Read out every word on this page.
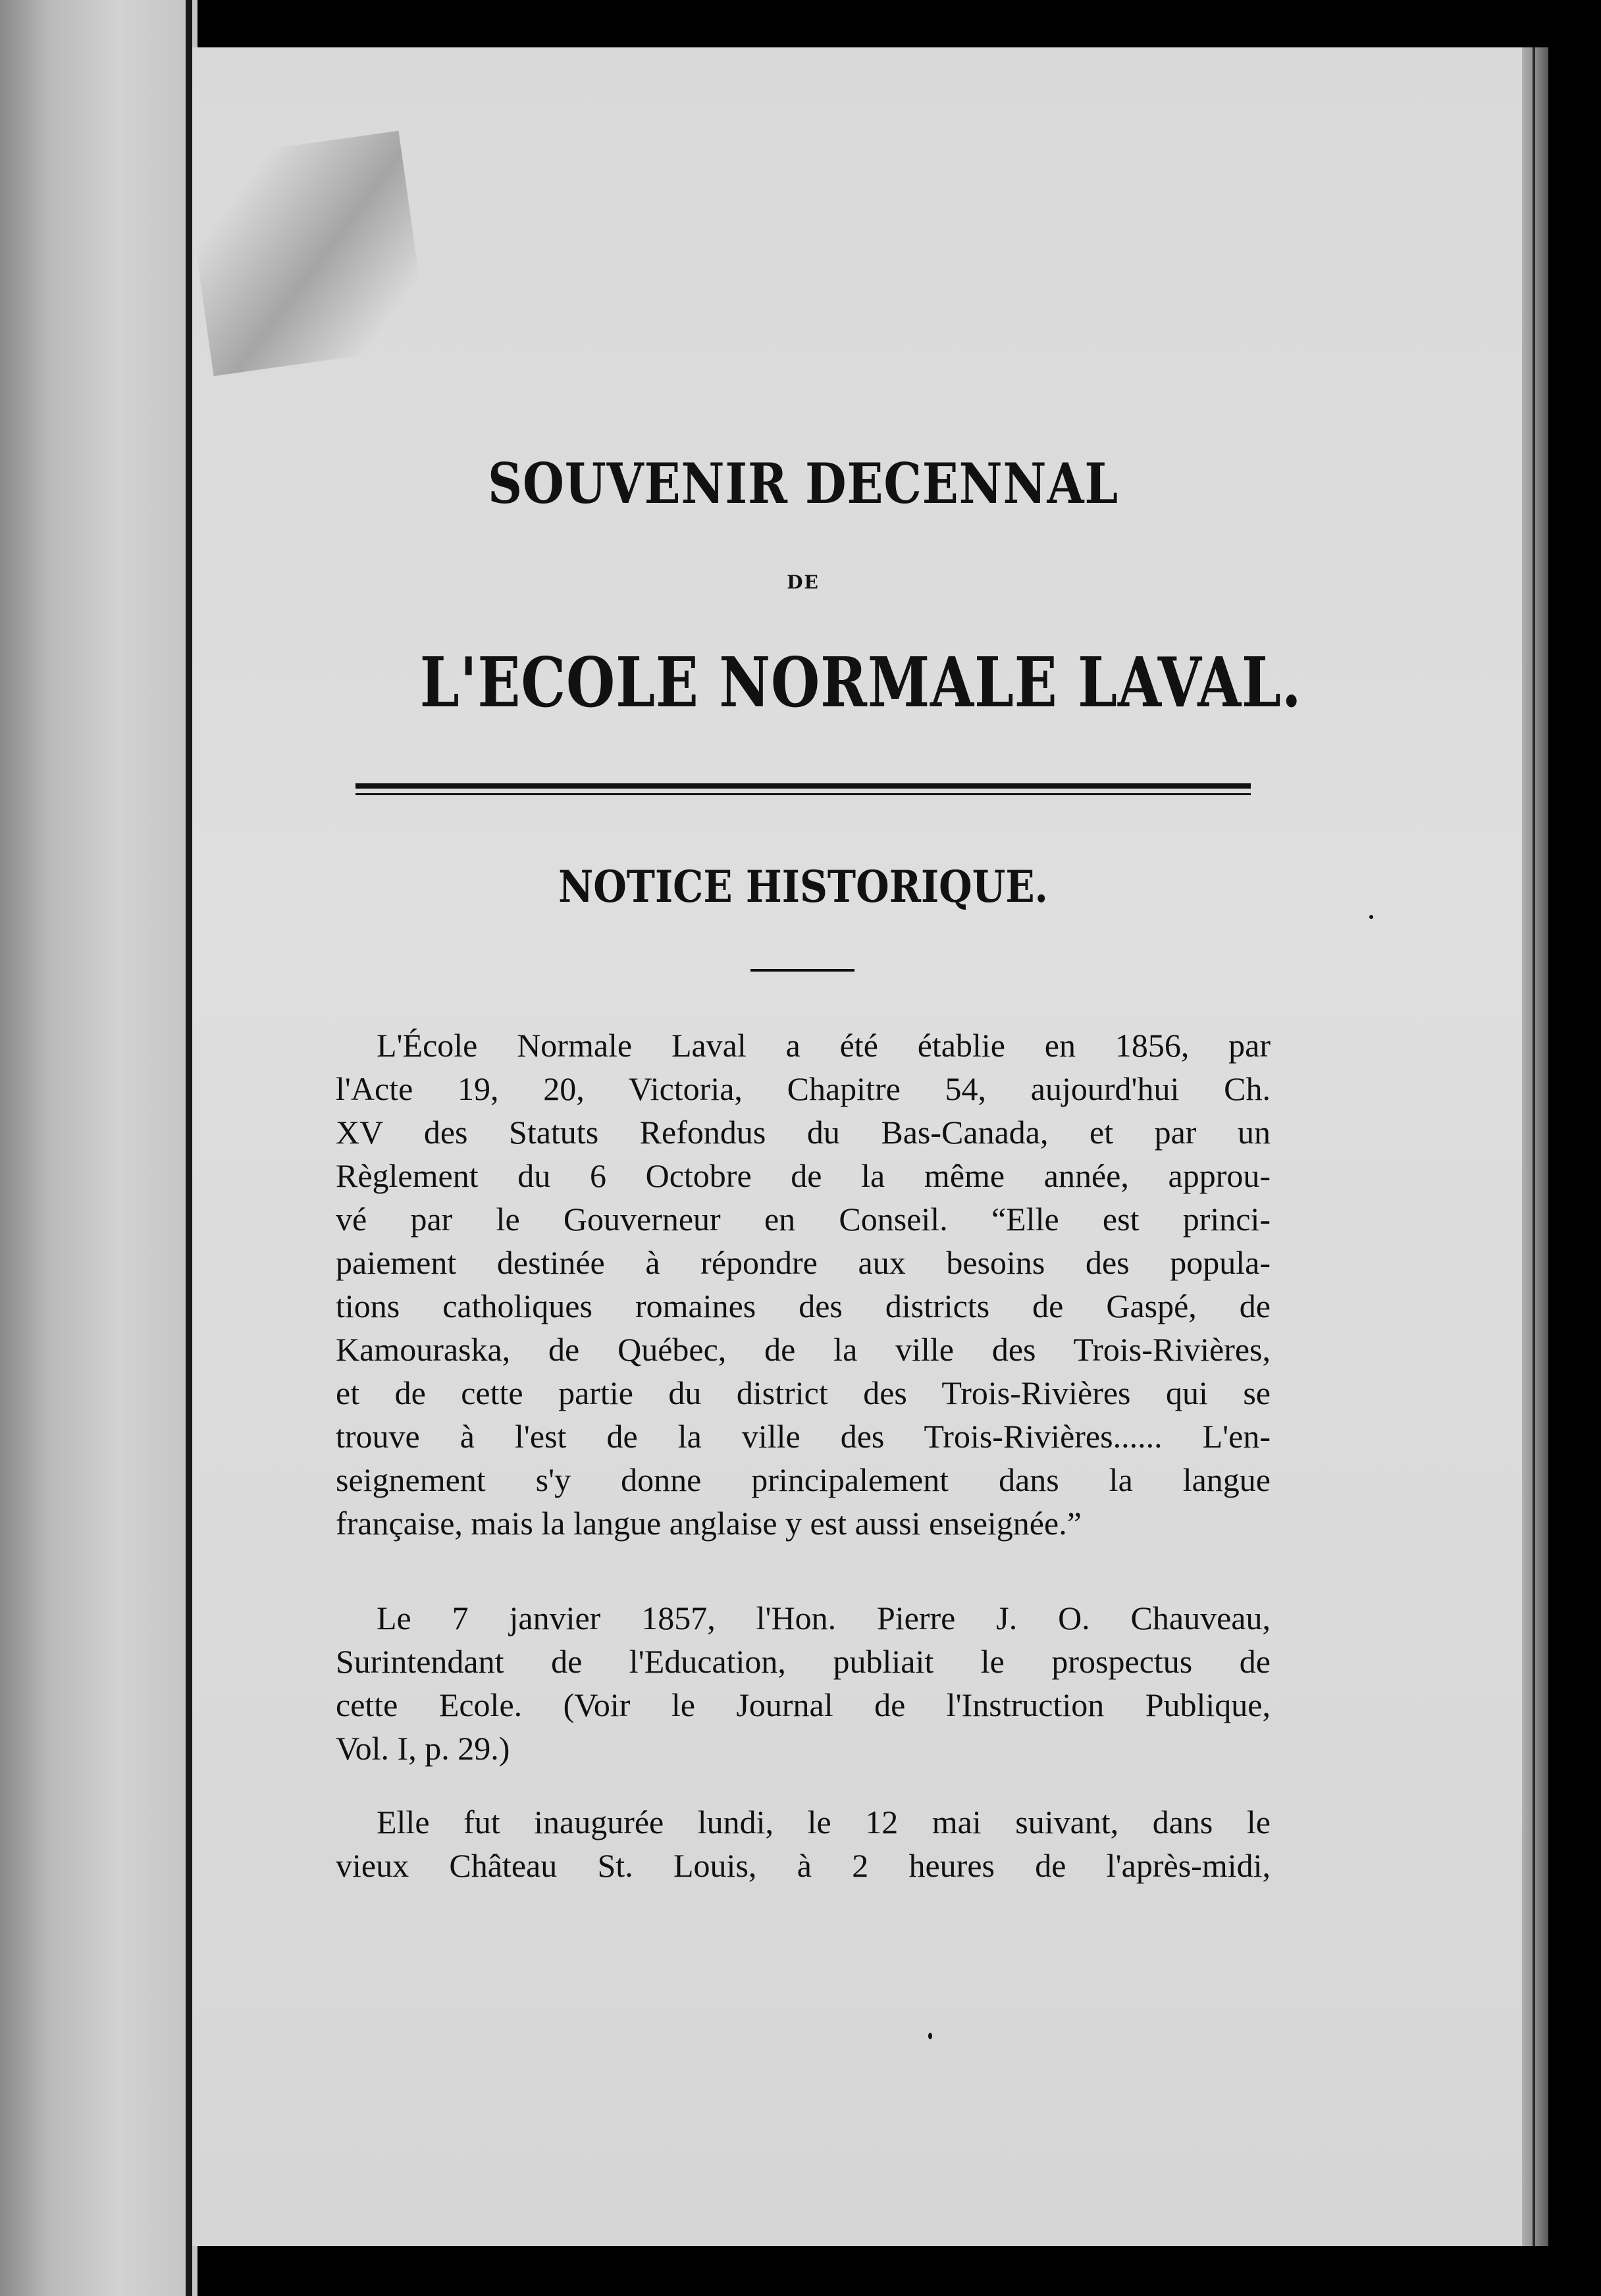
SOUVENIR DECENNAL
DE
L'ECOLE NORMALE LAVAL.
NOTICE HISTORIQUE.
L'École Normale Laval a été établie en 1856, par
l'Acte 19, 20, Victoria, Chapitre 54, aujourd'hui Ch.
XV des Statuts Refondus du Bas-Canada, et par un
Règlement du 6 Octobre de la même année, approu-
vé par le Gouverneur en Conseil. “Elle est princi-
paiement destinée à répondre aux besoins des popula-
tions catholiques romaines des districts de Gaspé, de
Kamouraska, de Québec, de la ville des Trois-Rivières,
et de cette partie du district des Trois-Rivières qui se
trouve à l'est de la ville des Trois-Rivières...... L'en-
seignement s'y donne principalement dans la langue
française, mais la langue anglaise y est aussi enseignée.”
Le 7 janvier 1857, l'Hon. Pierre J. O. Chauveau,
Surintendant de l'Education, publiait le prospectus de
cette Ecole. (Voir le Journal de l'Instruction Publique,
Vol. I, p. 29.)
Elle fut inaugurée lundi, le 12 mai suivant, dans le
vieux Château St. Louis, à 2 heures de l'après-midi,
